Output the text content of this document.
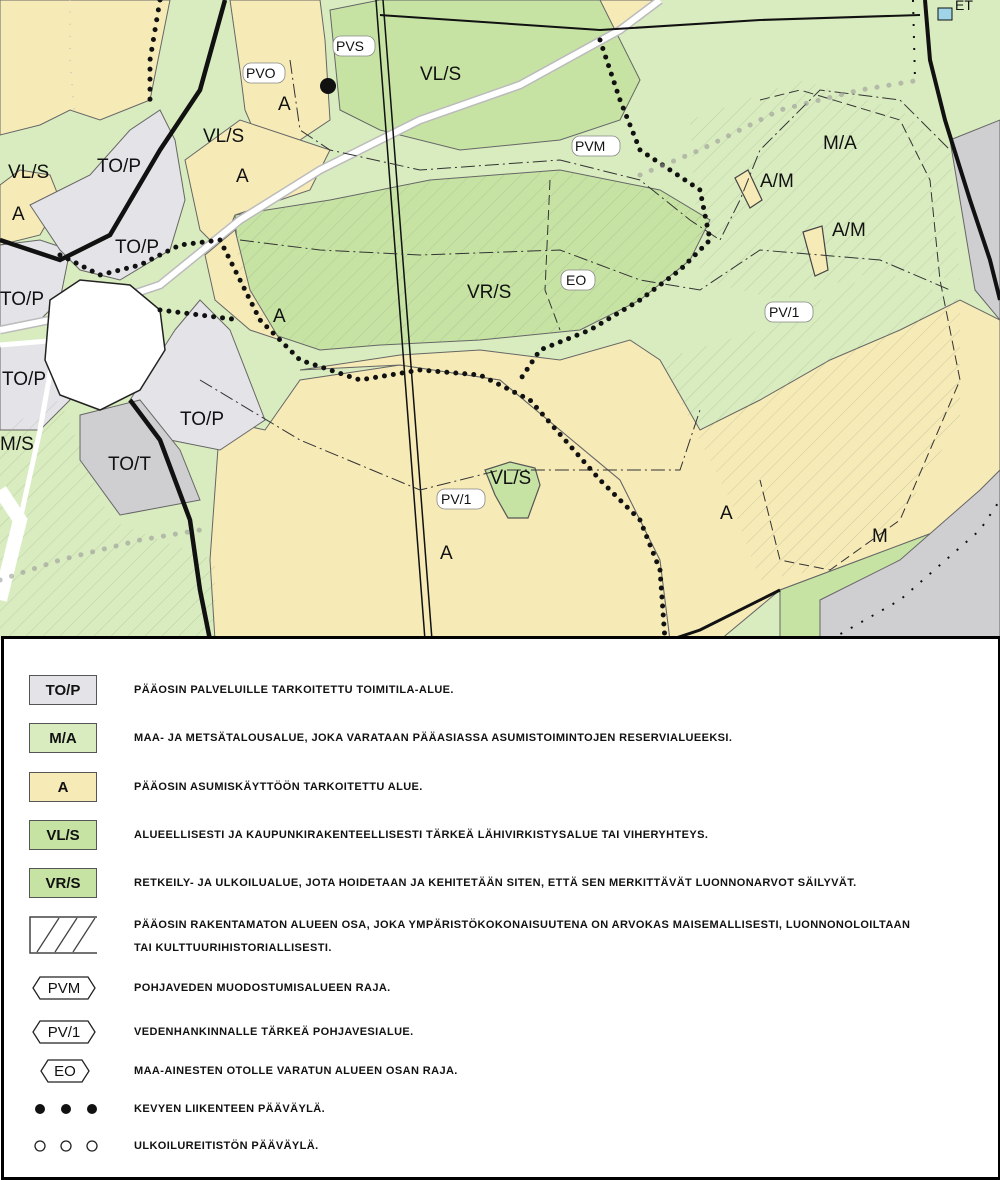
PVS
PVO
A
VL/S
VL/S
VL/S	TO/P
TO/P
TO/P
TO/P
TO/P
A
A
A
A
A
PVM	M/A
A/M
A/M
VR/S
EO
PV/1
PV/1
M/S
TO/T
VL/S
M
ET
TO/P	PÄÄOSIN PALVELUILLE TARKOITETTU TOIMITILA-ALUE.
M/A	MAA- JA METSÄTALOUSALUE, JOKA VARATAAN PÄÄASIASSA ASUMISTOIMINTOJEN RESERVIALUEEKSI.
A	PÄÄOSIN ASUMISKÄYTTÖÖN TARKOITETTU ALUE.
VL/S	ALUEELLISESTI JA KAUPUNKIRAKENTEELLISESTI TÄRKEÄ LÄHIVIRKISTYSALUE TAI VIHERYHTEYS.
VR/S	RETKEILY- JA ULKOILUALUE, JOTA HOIDETAAN JA KEHITETÄÄN SITEN, ETTÄ SEN MERKITTÄVÄT LUONNONARVOT SÄILYVÄT.
PÄÄOSIN RAKENTAMATON ALUEEN OSA, JOKA YMPÄRISTÖKOKONAISUUTENA ON ARVOKAS MAISEMALLISESTI, LUONNONOLOILTAAN
TAI KULTTUURIHISTORIALLISESTI.
PVM	POHJAVEDEN MUODOSTUMISALUEEN RAJA.
PV/1	VEDENHANKINNALLE TÄRKEÄ POHJAVESIALUE.
EO	MAA-AINESTEN OTOLLE VARATUN ALUEEN OSAN RAJA.
KEVYEN LIIKENTEEN PÄÄVÄYLÄ.
ULKOILUREITISTÖN PÄÄVÄYLÄ.
